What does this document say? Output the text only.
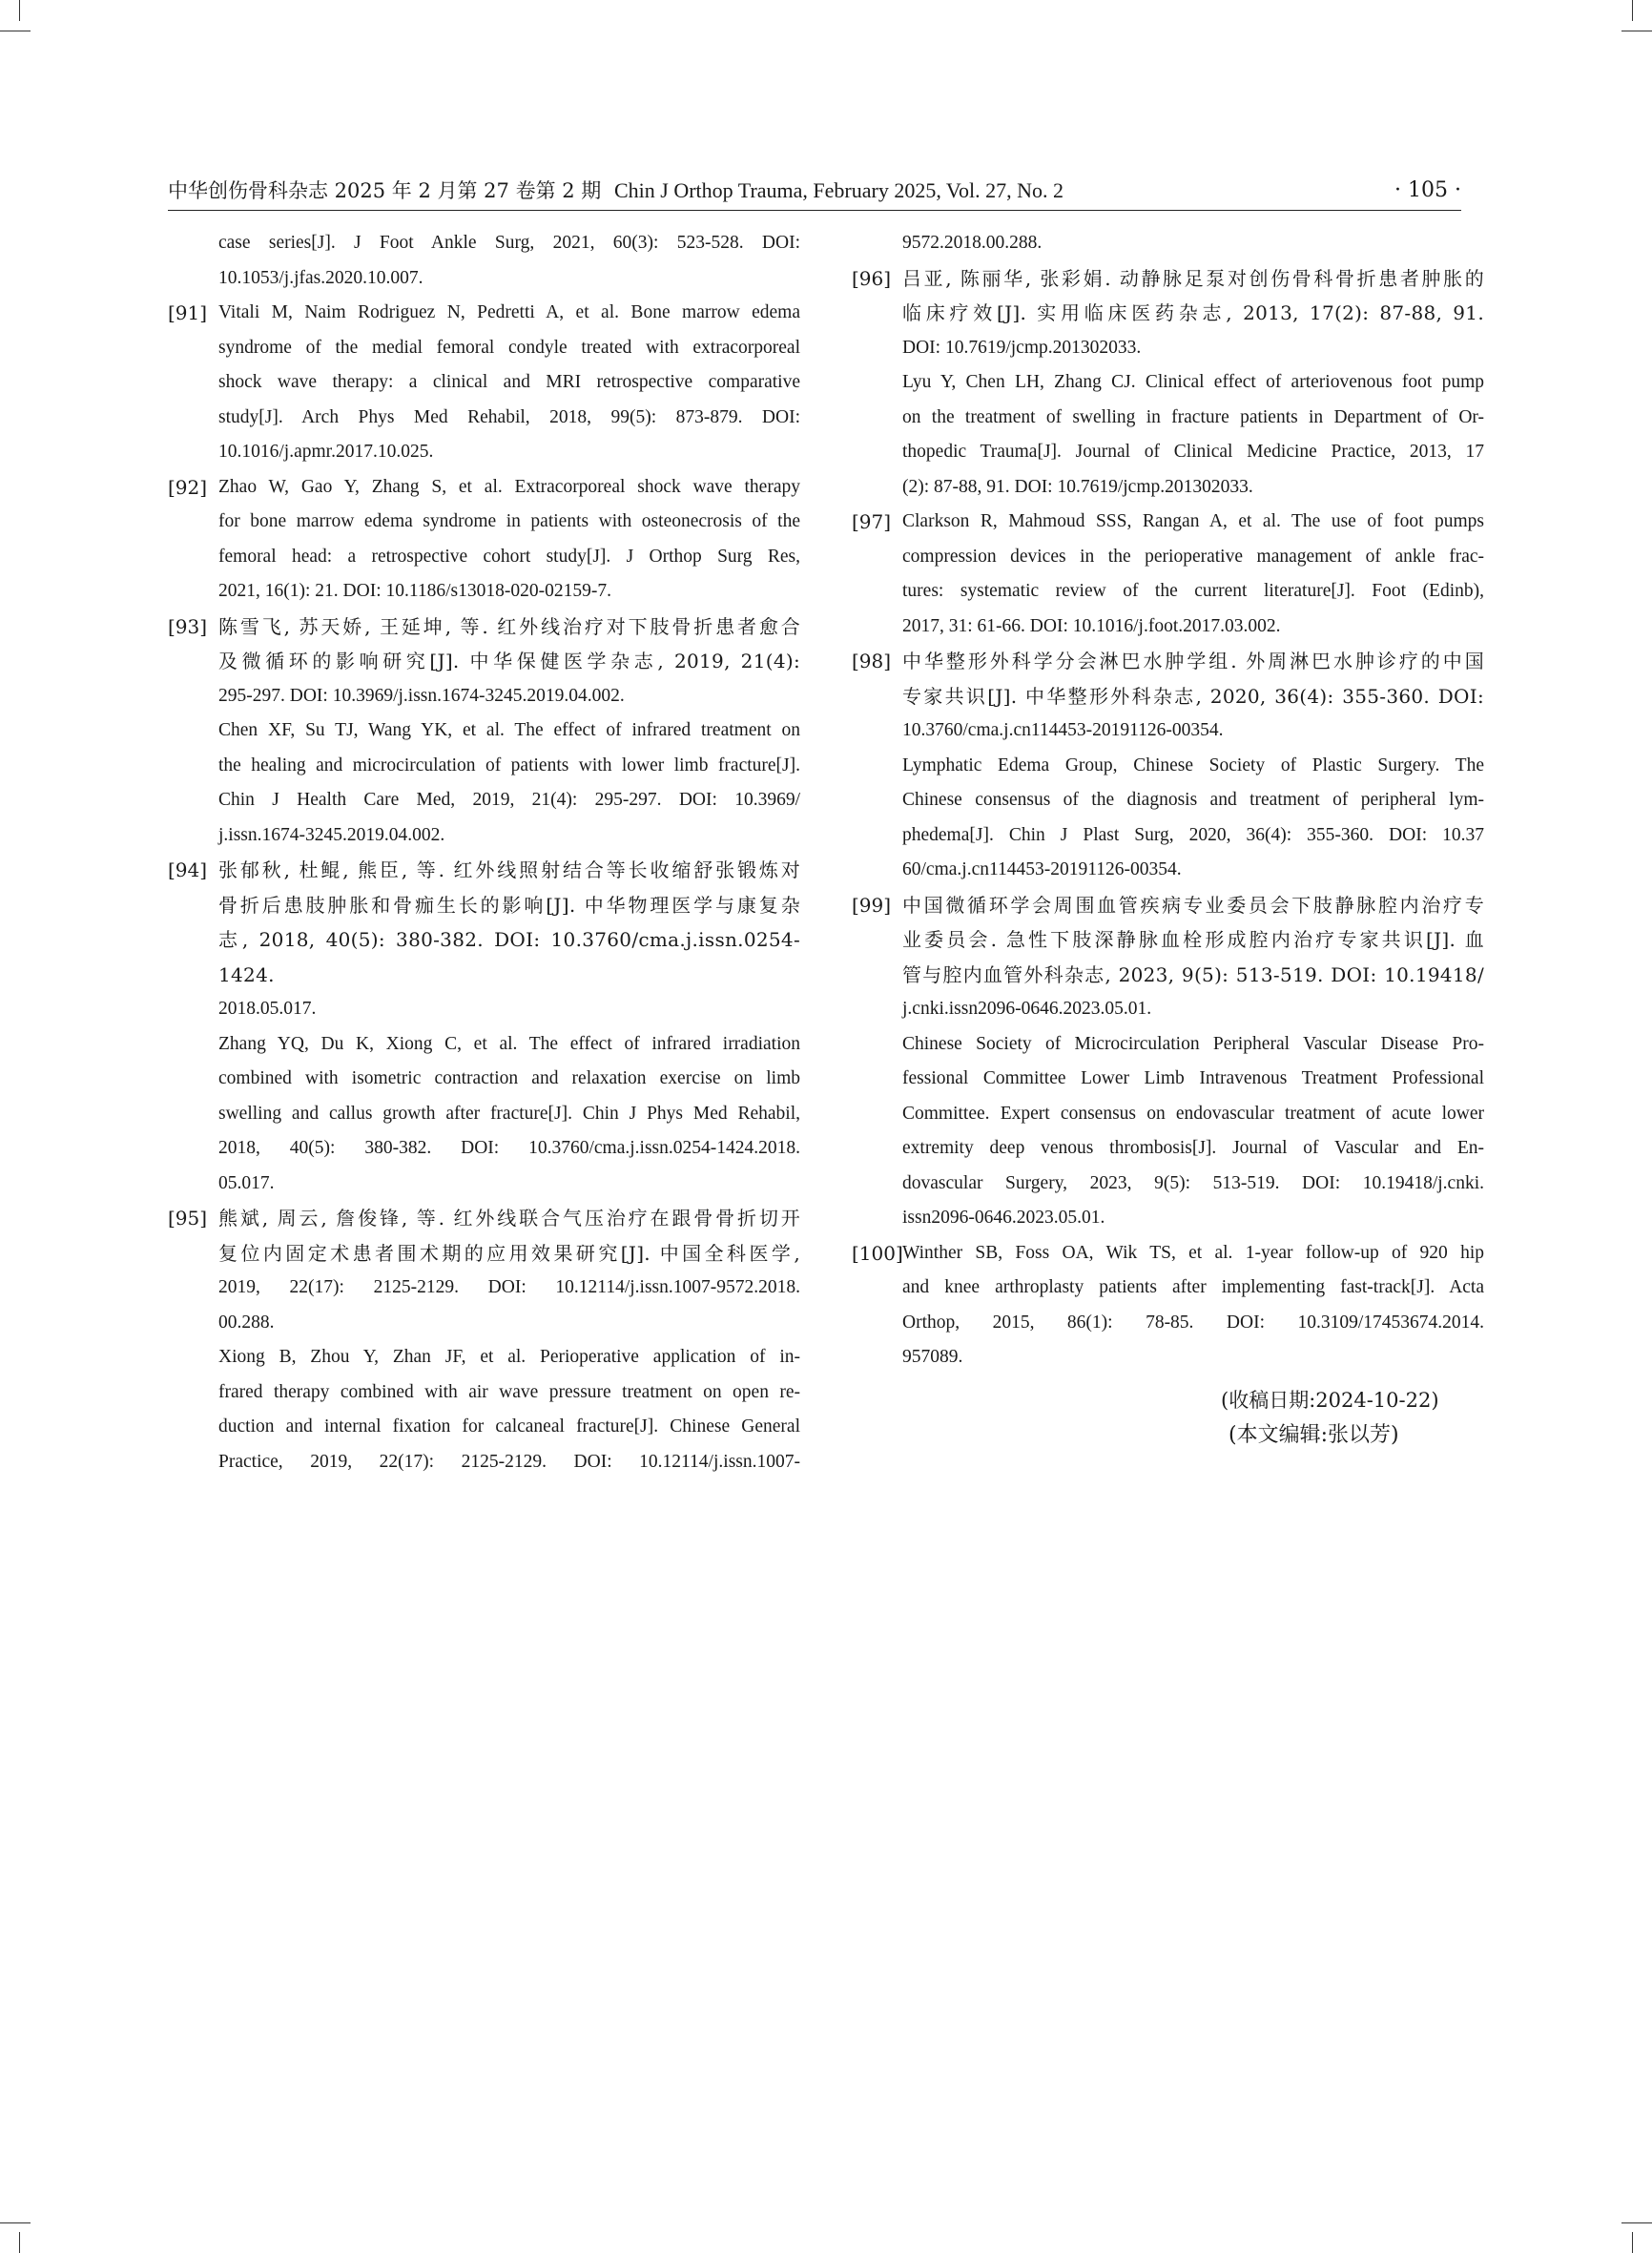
中华创伤骨科杂志 2025 年 2 月第 27 卷第 2 期 Chin J Orthop Trauma, February 2025, Vol. 27, No. 2	· 105 ·
case series[J]. J Foot Ankle Surg, 2021, 60(3): 523-528. DOI:
10.1053/j.jfas.2020.10.007.
[91] Vitali M, Naim Rodriguez N, Pedretti A, et al. Bone marrow edema
syndrome of the medial femoral condyle treated with extracorporeal
shock wave therapy: a clinical and MRI retrospective comparative
study[J]. Arch Phys Med Rehabil, 2018, 99(5): 873-879. DOI:
10.1016/j.apmr.2017.10.025.
[92] Zhao W, Gao Y, Zhang S, et al. Extracorporeal shock wave therapy
for bone marrow edema syndrome in patients with osteonecrosis of the
femoral head: a retrospective cohort study[J]. J Orthop Surg Res,
2021, 16(1): 21. DOI: 10.1186/s13018-020-02159-7.
[93] 陈雪飞, 苏天娇, 王延坤, 等. 红外线治疗对下肢骨折患者愈合
及微循环的影响研究[J]. 中华保健医学杂志, 2019, 21(4):
295-297. DOI: 10.3969/j.issn.1674-3245.2019.04.002.
Chen XF, Su TJ, Wang YK, et al. The effect of infrared treatment on
the healing and microcirculation of patients with lower limb fracture[J].
Chin J Health Care Med, 2019, 21(4): 295-297. DOI: 10.3969/
j.issn.1674-3245.2019.04.002.
[94] 张郁秋, 杜鲲, 熊臣, 等. 红外线照射结合等长收缩舒张锻炼对
骨折后患肢肿胀和骨痂生长的影响[J]. 中华物理医学与康复杂
志, 2018, 40(5): 380-382. DOI: 10.3760/cma.j.issn.0254-1424.
2018.05.017.
Zhang YQ, Du K, Xiong C, et al. The effect of infrared irradiation
combined with isometric contraction and relaxation exercise on limb
swelling and callus growth after fracture[J]. Chin J Phys Med Rehabil,
2018, 40(5): 380-382. DOI: 10.3760/cma.j.issn.0254-1424.2018.
05.017.
[95] 熊斌, 周云, 詹俊锋, 等. 红外线联合气压治疗在跟骨骨折切开
复位内固定术患者围术期的应用效果研究[J]. 中国全科医学,
2019, 22(17): 2125-2129. DOI: 10.12114/j.issn.1007-9572.2018.
00.288.
Xiong B, Zhou Y, Zhan JF, et al. Perioperative application of in-
frared therapy combined with air wave pressure treatment on open re-
duction and internal fixation for calcaneal fracture[J]. Chinese General
Practice, 2019, 22(17): 2125-2129. DOI: 10.12114/j.issn.1007-
9572.2018.00.288.
[96] 吕亚, 陈丽华, 张彩娟. 动静脉足泵对创伤骨科骨折患者肿胀的
临床疗效[J]. 实用临床医药杂志, 2013, 17(2): 87-88, 91.
DOI: 10.7619/jcmp.201302033.
Lyu Y, Chen LH, Zhang CJ. Clinical effect of arteriovenous foot pump
on the treatment of swelling in fracture patients in Department of Or-
thopedic Trauma[J]. Journal of Clinical Medicine Practice, 2013, 17
(2): 87-88, 91. DOI: 10.7619/jcmp.201302033.
[97] Clarkson R, Mahmoud SSS, Rangan A, et al. The use of foot pumps
compression devices in the perioperative management of ankle frac-
tures: systematic review of the current literature[J]. Foot (Edinb),
2017, 31: 61-66. DOI: 10.1016/j.foot.2017.03.002.
[98] 中华整形外科学分会淋巴水肿学组. 外周淋巴水肿诊疗的中国
专家共识[J]. 中华整形外科杂志, 2020, 36(4): 355-360. DOI:
10.3760/cma.j.cn114453-20191126-00354.
Lymphatic Edema Group, Chinese Society of Plastic Surgery. The
Chinese consensus of the diagnosis and treatment of peripheral lym-
phedema[J]. Chin J Plast Surg, 2020, 36(4): 355-360. DOI: 10.37
60/cma.j.cn114453-20191126-00354.
[99] 中国微循环学会周围血管疾病专业委员会下肢静脉腔内治疗专
业委员会. 急性下肢深静脉血栓形成腔内治疗专家共识[J]. 血
管与腔内血管外科杂志, 2023, 9(5): 513-519. DOI: 10.19418/
j.cnki.issn2096-0646.2023.05.01.
Chinese Society of Microcirculation Peripheral Vascular Disease Pro-
fessional Committee Lower Limb Intravenous Treatment Professional
Committee. Expert consensus on endovascular treatment of acute lower
extremity deep venous thrombosis[J]. Journal of Vascular and En-
dovascular Surgery, 2023, 9(5): 513-519. DOI: 10.19418/j.cnki.
issn2096-0646.2023.05.01.
[100] Winther SB, Foss OA, Wik TS, et al. 1-year follow-up of 920 hip
and knee arthroplasty patients after implementing fast-track[J]. Acta
Orthop, 2015, 86(1): 78-85. DOI: 10.3109/17453674.2014.
957089.
(收稿日期:2024-10-22)
(本文编辑:张以芳)
